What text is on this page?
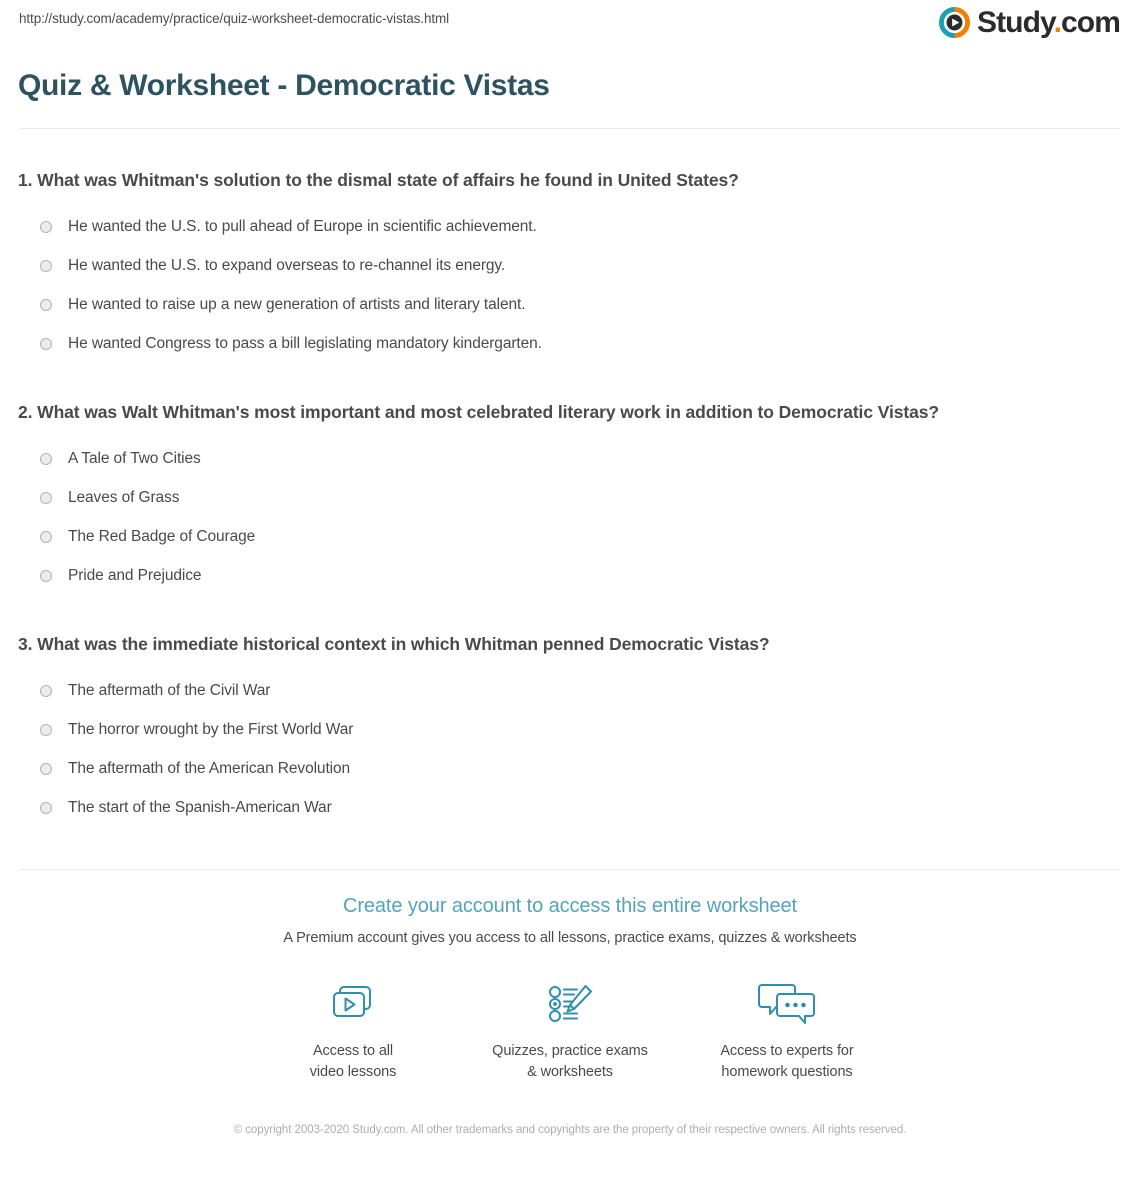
http://study.com/academy/practice/quiz-worksheet-democratic-vistas.html	Study.com
Quiz & Worksheet - Democratic Vistas
1. What was Whitman's solution to the dismal state of affairs he found in United States?
He wanted the U.S. to pull ahead of Europe in scientific achievement.
He wanted the U.S. to expand overseas to re-channel its energy.
He wanted to raise up a new generation of artists and literary talent.
He wanted Congress to pass a bill legislating mandatory kindergarten.
2. What was Walt Whitman's most important and most celebrated literary work in addition to Democratic Vistas?
A Tale of Two Cities
Leaves of Grass
The Red Badge of Courage
Pride and Prejudice
3. What was the immediate historical context in which Whitman penned Democratic Vistas?
The aftermath of the Civil War
The horror wrought by the First World War
The aftermath of the American Revolution
The start of the Spanish-American War
Create your account to access this entire worksheet
A Premium account gives you access to all lessons, practice exams, quizzes & worksheets
Access to all
video lessons
Quizzes, practice exams
& worksheets
Access to experts for
homework questions
© copyright 2003-2020 Study.com. All other trademarks and copyrights are the property of their respective owners. All rights reserved.
